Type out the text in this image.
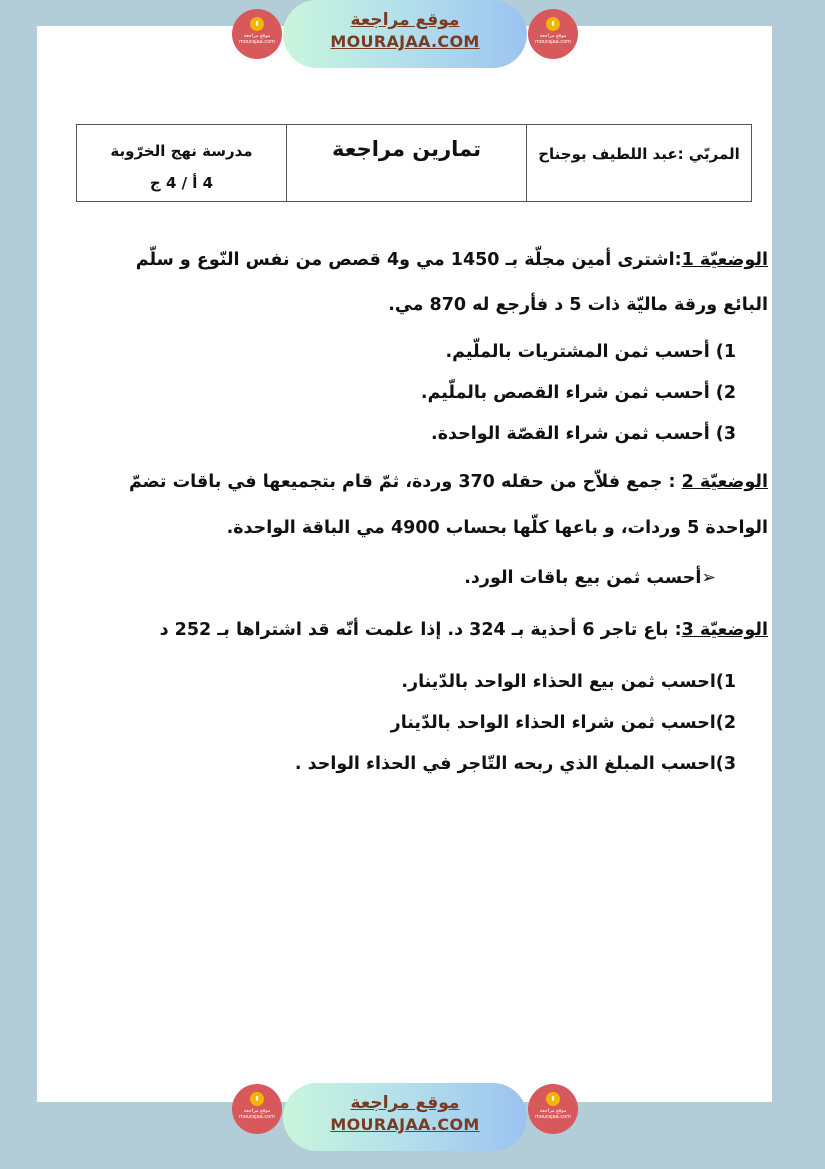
▮
موقع مراجعة
mourajaa.com
موقع مراجعة
MOURAJAA.COM
▮
موقع مراجعة
mourajaa.com
المربّي :عبد اللطيف بوجناح
تمارين مراجعة
مدرسة نهج الخرّوبة
4 أ / 4 ج
الوضعيّة 1:اشترى أمين مجلّة بـ 1450 مي و4 قصص من نفس النّوع و سلّم
البائع ورقة ماليّة ذات 5 د فأرجع له 870 مي.
1) أحسب ثمن المشتريات بالملّيم.
2) أحسب ثمن شراء القصص بالملّيم.
3) أحسب ثمن شراء القصّة الواحدة.
الوضعيّة 2 : جمع فلاّح من حقله 370 وردة، ثمّ قام بتجميعها في باقات تضمّ
الواحدة 5 وردات، و باعها كلّها بحساب 4900 مي الباقة الواحدة.
➢أحسب ثمن بيع باقات الورد.
الوضعيّة 3: باع تاجر 6 أحذية بـ 324 د. إذا علمت أنّه قد اشتراها بـ 252 د
1)احسب ثمن بيع الحذاء الواحد بالدّينار.
2)احسب ثمن شراء الحذاء الواحد بالدّينار
3)احسب المبلغ الذي ربحه التّاجر في الحذاء الواحد .
▮
موقع مراجعة
mourajaa.com
موقع مراجعة
MOURAJAA.COM
▮
موقع مراجعة
mourajaa.com
